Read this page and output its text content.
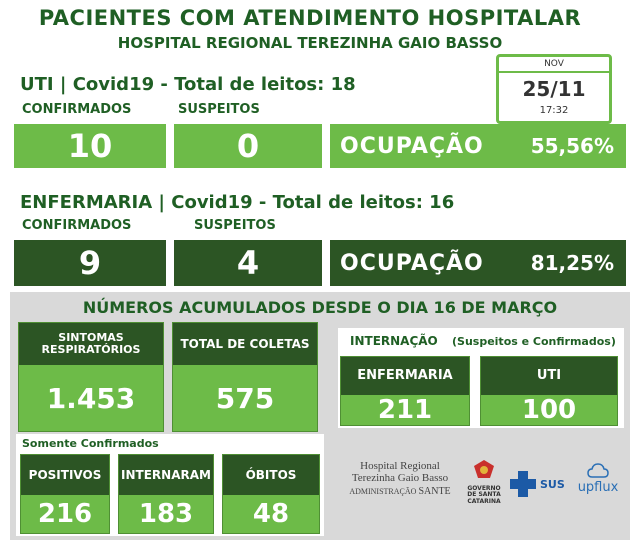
PACIENTES COM ATENDIMENTO HOSPITALAR
HOSPITAL REGIONAL TEREZINHA GAIO BASSO
NOV
25/11
17:32
UTI | Covid19 - Total de leitos: 18
CONFIRMADOS	SUSPEITOS
10	0	OCUPAÇÃO 55,56%
ENFERMARIA | Covid19 - Total de leitos: 16
CONFIRMADOS	SUSPEITOS
9	4	OCUPAÇÃO 81,25%
NÚMEROS ACUMULADOS DESDE O DIA 16 DE MARÇO
SINTOMAS RESPIRATÓRIOS
1.453
TOTAL DE COLETAS
575
INTERNAÇÃO (Suspeitos e Confirmados)
ENFERMARIA
211
UTI
100
Somente Confirmados
POSITIVOS
216
INTERNARAM
183
ÓBITOS
48
Hospital Regional
Terezinha Gaio Basso
ADMINISTRAÇÃO SANTE	GOVERNO
DE SANTA
CATARINA
SUS upflux
